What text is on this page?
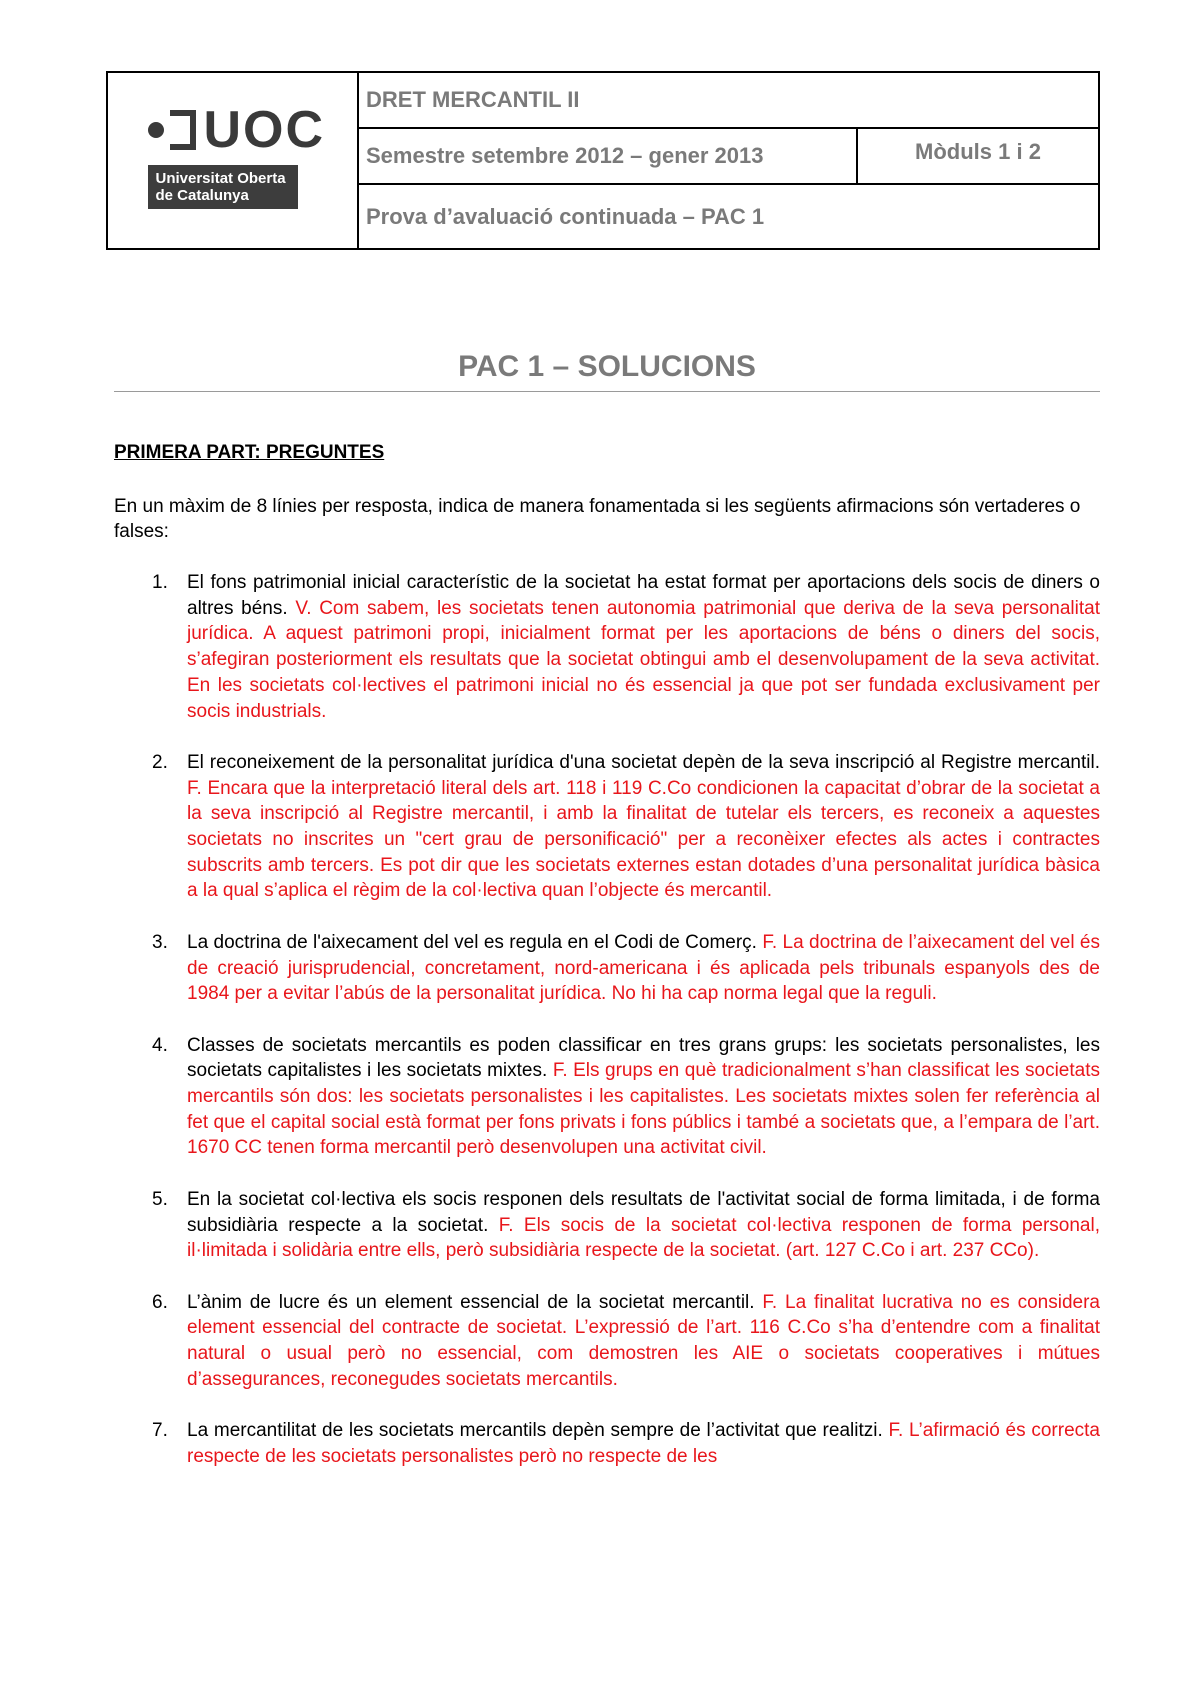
UOC
Universitat Oberta
de Catalunya
DRET MERCANTIL II
Semestre setembre 2012 – gener 2013	Mòduls 1 i 2
Prova d’avaluació continuada – PAC 1
PAC 1 – SOLUCIONS
PRIMERA PART: PREGUNTES
En un màxim de 8 línies per resposta, indica de manera fonamentada si les següents afirmacions són vertaderes o falses:
1. El fons patrimonial inicial característic de la societat ha estat format per aportacions dels socis de diners o altres béns. V. Com sabem, les societats tenen autonomia patrimonial que deriva de la seva personalitat jurídica. A aquest patrimoni propi, inicialment format per les aportacions de béns o diners del socis, s’afegiran posteriorment els resultats que la societat obtingui amb el desenvolupament de la seva activitat. En les societats col·lectives el patrimoni inicial no és essencial ja que pot ser fundada exclusivament per socis industrials.
2. El reconeixement de la personalitat jurídica d'una societat depèn de la seva inscripció al Registre mercantil. F. Encara que la interpretació literal dels art. 118 i 119 C.Co condicionen la capacitat d’obrar de la societat a la seva inscripció al Registre mercantil, i amb la finalitat de tutelar els tercers, es reconeix a aquestes societats no inscrites un "cert grau de personificació" per a reconèixer efectes als actes i contractes subscrits amb tercers. Es pot dir que les societats externes estan dotades d’una personalitat jurídica bàsica a la qual s’aplica el règim de la col·lectiva quan l’objecte és mercantil.
3. La doctrina de l'aixecament del vel es regula en el Codi de Comerç. F. La doctrina de l’aixecament del vel és de creació jurisprudencial, concretament, nord-americana i és aplicada pels tribunals espanyols des de 1984 per a evitar l’abús de la personalitat jurídica. No hi ha cap norma legal que la reguli.
4. Classes de societats mercantils es poden classificar en tres grans grups: les societats personalistes, les societats capitalistes i les societats mixtes. F. Els grups en què tradicionalment s’han classificat les societats mercantils són dos: les societats personalistes i les capitalistes. Les societats mixtes solen fer referència al fet que el capital social està format per fons privats i fons públics i també a societats que, a l’empara de l’art. 1670 CC tenen forma mercantil però desenvolupen una activitat civil.
5. En la societat col·lectiva els socis responen dels resultats de l'activitat social de forma limitada, i de forma subsidiària respecte a la societat. F. Els socis de la societat col·lectiva responen de forma personal, il·limitada i solidària entre ells, però subsidiària respecte de la societat. (art. 127 C.Co i art. 237 CCo).
6. L’ànim de lucre és un element essencial de la societat mercantil. F. La finalitat lucrativa no es considera element essencial del contracte de societat. L’expressió de l’art. 116 C.Co s’ha d’entendre com a finalitat natural o usual però no essencial, com demostren les AIE o societats cooperatives i mútues d’assegurances, reconegudes societats mercantils.
7. La mercantilitat de les societats mercantils depèn sempre de l’activitat que realitzi. F. L’afirmació és correcta respecte de les societats personalistes però no respecte de les
